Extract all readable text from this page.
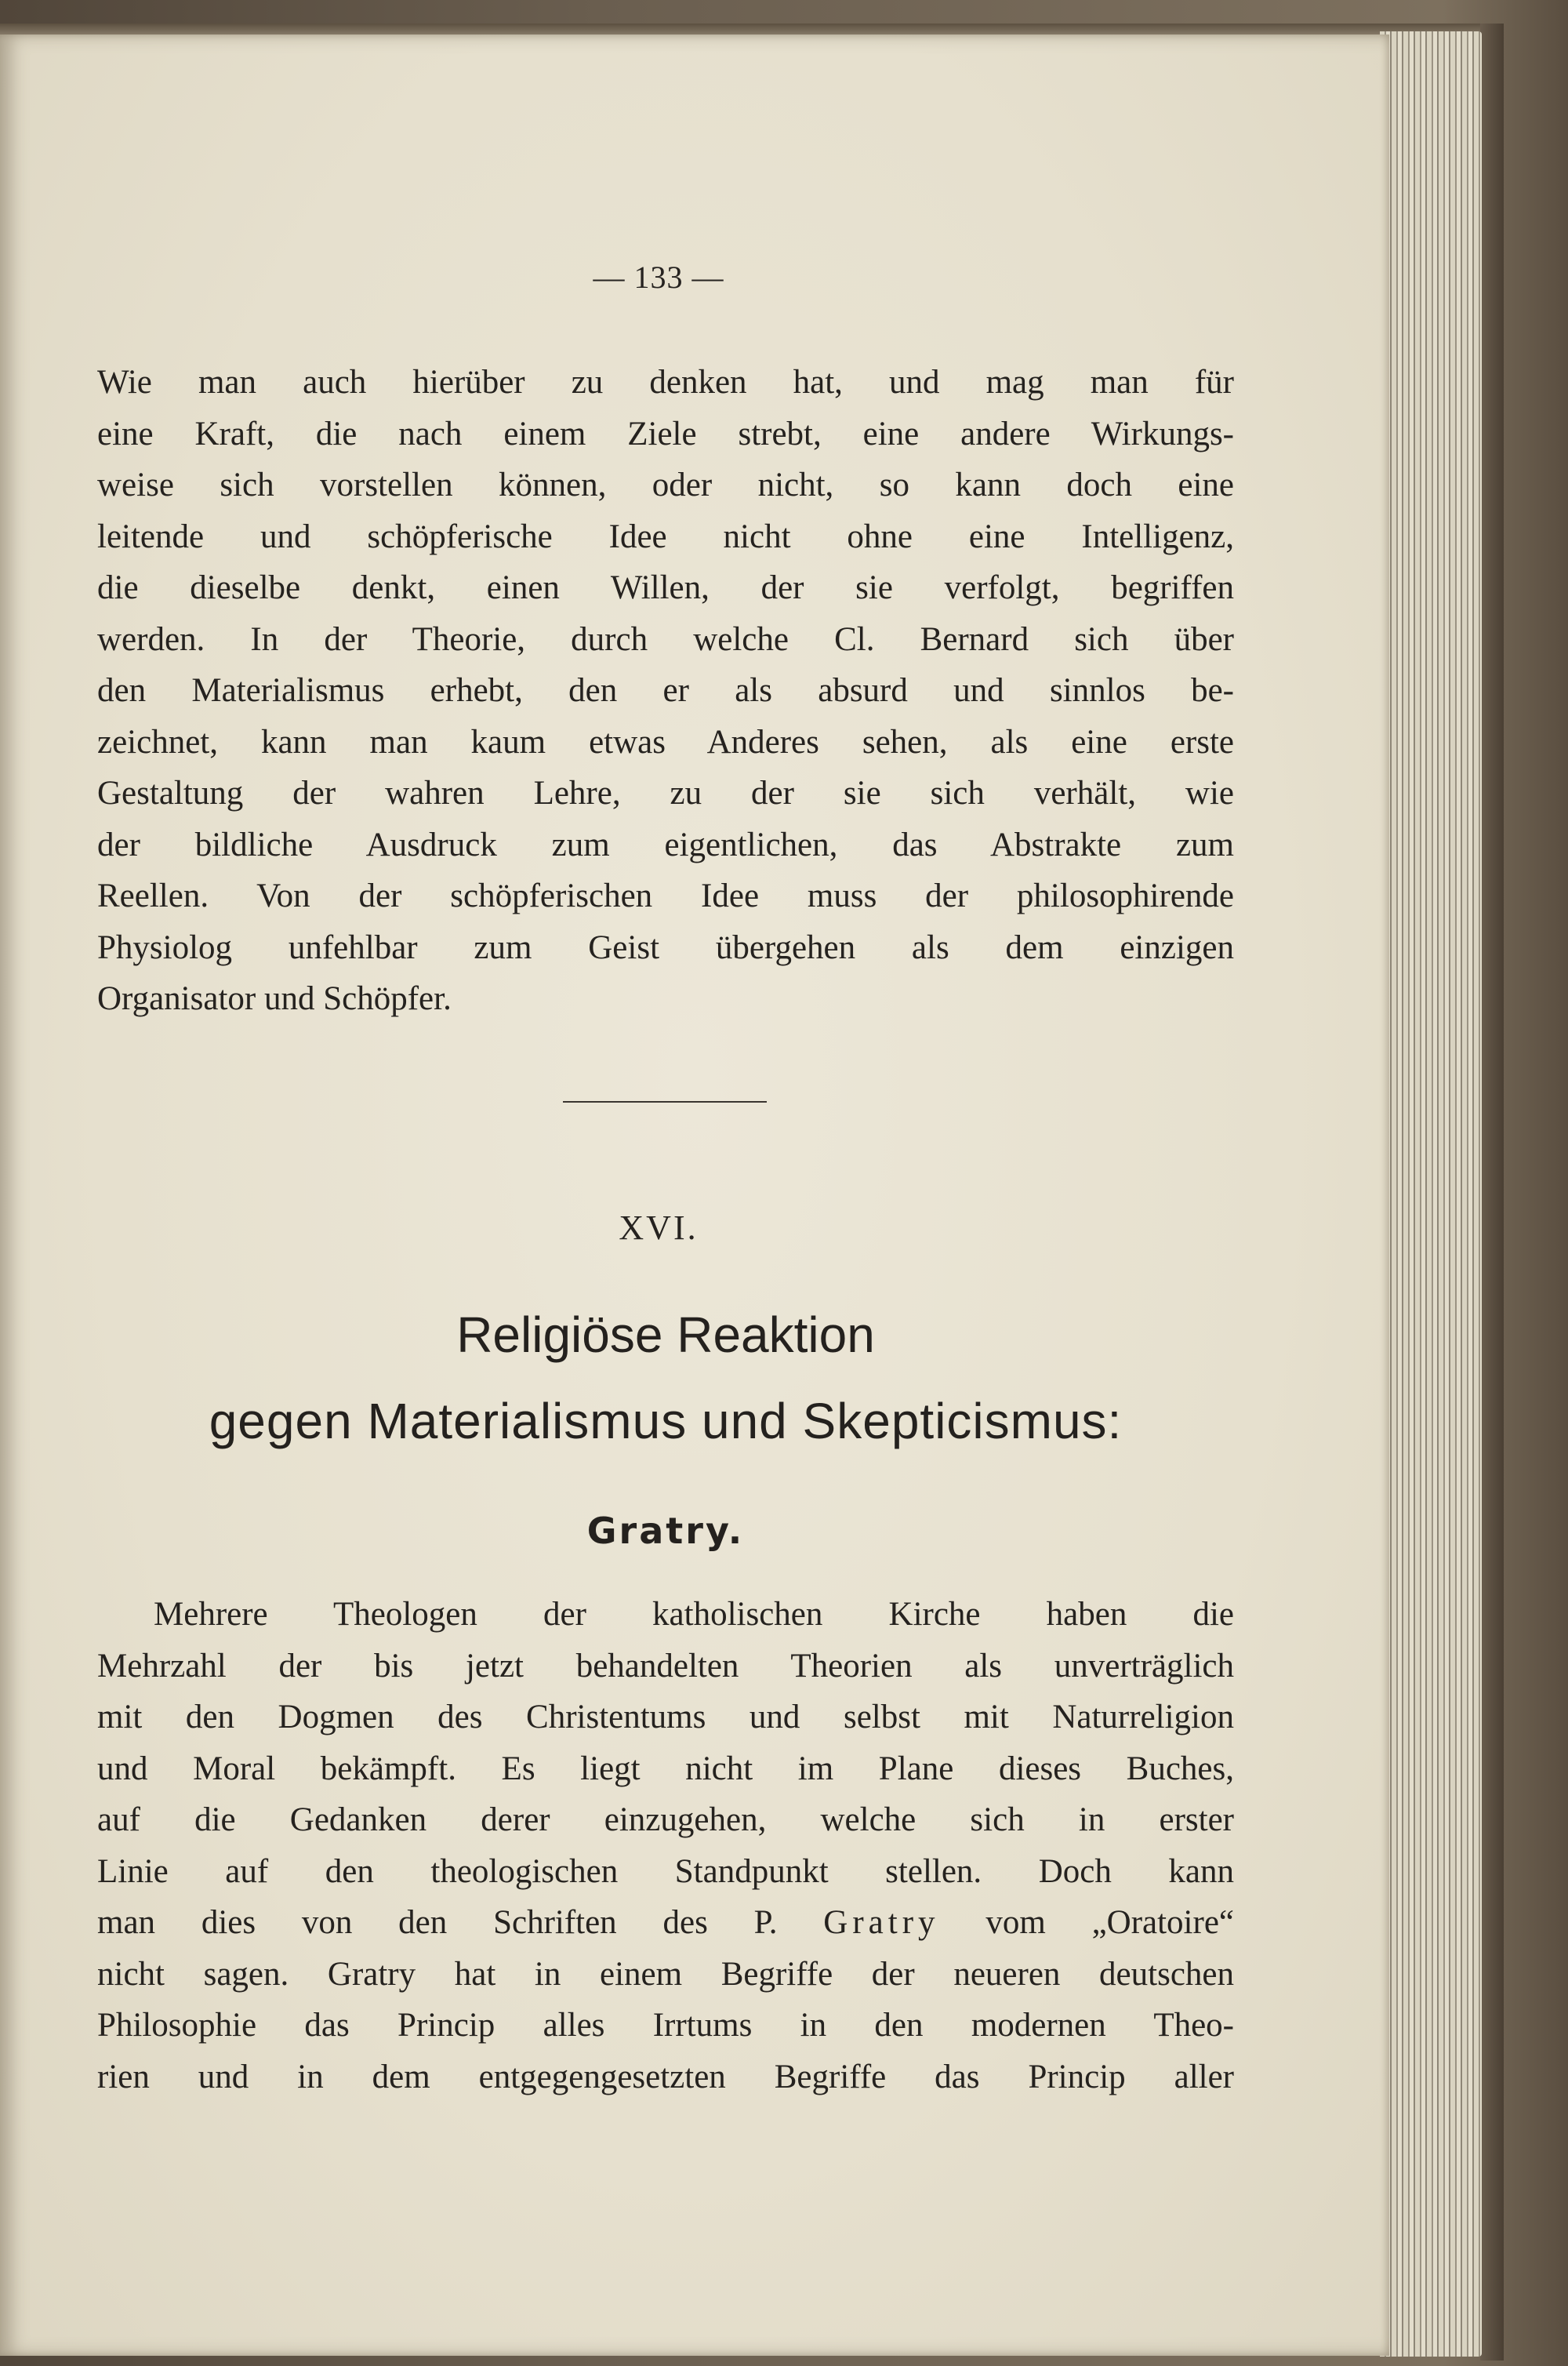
— 133 —
Wie man auch hierüber zu denken hat, und mag man für
eine Kraft, die nach einem Ziele strebt, eine andere Wirkungs-
weise sich vorstellen können, oder nicht, so kann doch eine
leitende und schöpferische Idee nicht ohne eine Intelligenz,
die dieselbe denkt, einen Willen, der sie verfolgt, begriffen
werden. In der Theorie, durch welche Cl. Bernard sich über
den Materialismus erhebt, den er als absurd und sinnlos be-
zeichnet, kann man kaum etwas Anderes sehen, als eine erste
Gestaltung der wahren Lehre, zu der sie sich verhält, wie
der bildliche Ausdruck zum eigentlichen, das Abstrakte zum
Reellen. Von der schöpferischen Idee muss der philosophirende
Physiolog unfehlbar zum Geist übergehen als dem einzigen
Organisator und Schöpfer.
XVI.
Religiöse Reaktion
gegen Materialismus und Skepticismus:
Gratry.
Mehrere Theologen der katholischen Kirche haben die
Mehrzahl der bis jetzt behandelten Theorien als unverträglich
mit den Dogmen des Christentums und selbst mit Naturreligion
und Moral bekämpft. Es liegt nicht im Plane dieses Buches,
auf die Gedanken derer einzugehen, welche sich in erster
Linie auf den theologischen Standpunkt stellen. Doch kann
man dies von den Schriften des P. Gratry vom „Oratoire“
nicht sagen. Gratry hat in einem Begriffe der neueren deutschen
Philosophie das Princip alles Irrtums in den modernen Theo-
rien und in dem entgegengesetzten Begriffe das Princip aller
